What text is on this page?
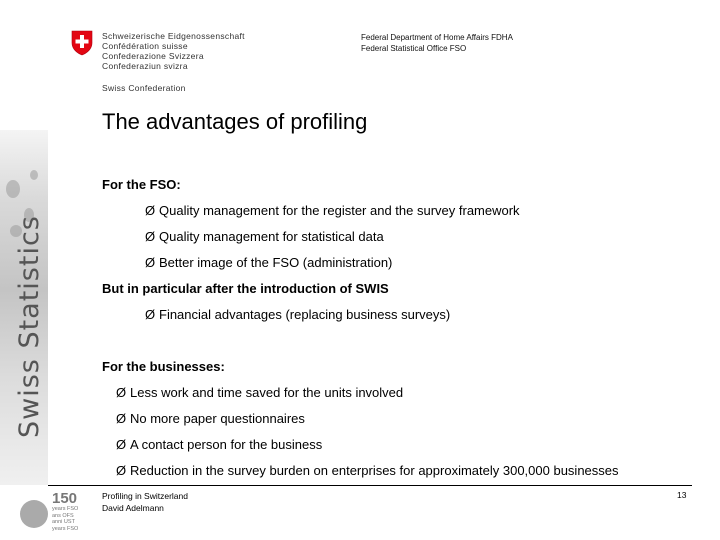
Swiss Statistics
Schweizerische Eidgenossenschaft
Confédération suisse
Confederazione Svizzera
Confederaziun svizra
Swiss Confederation
Federal Department of Home Affairs FDHA
Federal Statistical Office FSO
The advantages of profiling
For the FSO:
Ø Quality management for the register and the survey framework
Ø Quality management for statistical data
Ø Better image of the FSO (administration)
But in particular after the introduction of SWIS
Ø Financial advantages (replacing business surveys)
For the businesses:
Ø Less work and time saved for the units involved
Ø No more paper questionnaires
Ø A contact person for the business
Ø Reduction in the survey burden on enterprises for approximately 300,000 businesses
150
years FSO
ans OFS
anni UST
years FSO
Profiling in Switzerland
David Adelmann
13
